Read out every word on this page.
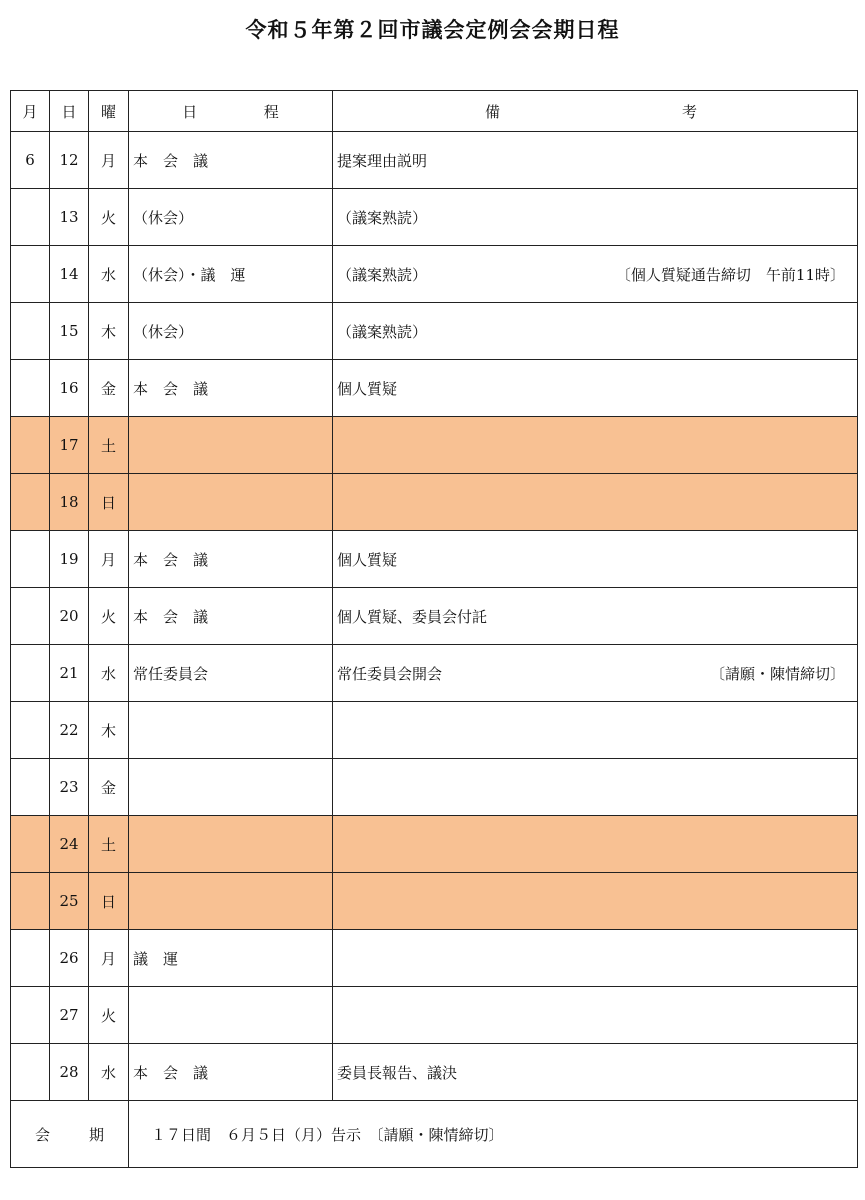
令和５年第２回市議会定例会会期日程
月	日	曜	日 程	備 考

6	12	月	本　会　議	提案理由説明

	13	火	（休会）	（議案熟読）

	14	水	（休会）・議　運	（議案熟読） 〔個人質疑通告締切　午前11時〕

	15	木	（休会）	（議案熟読）

	16	金	本　会　議	個人質疑

	17	土		

	18	日		

	19	月	本　会　議	個人質疑

	20	火	本　会　議	個人質疑、委員会付託

	21	水	常任委員会	常任委員会開会 〔請願・陳情締切〕

	22	木		

	23	金		

	24	土		

	25	日		

	26	月	議　運	

	27	火		

	28	水	本　会　議	委員長報告、議決

会 期			１７日間　６月５日（月）告示　〔請願・陳情締切〕	
